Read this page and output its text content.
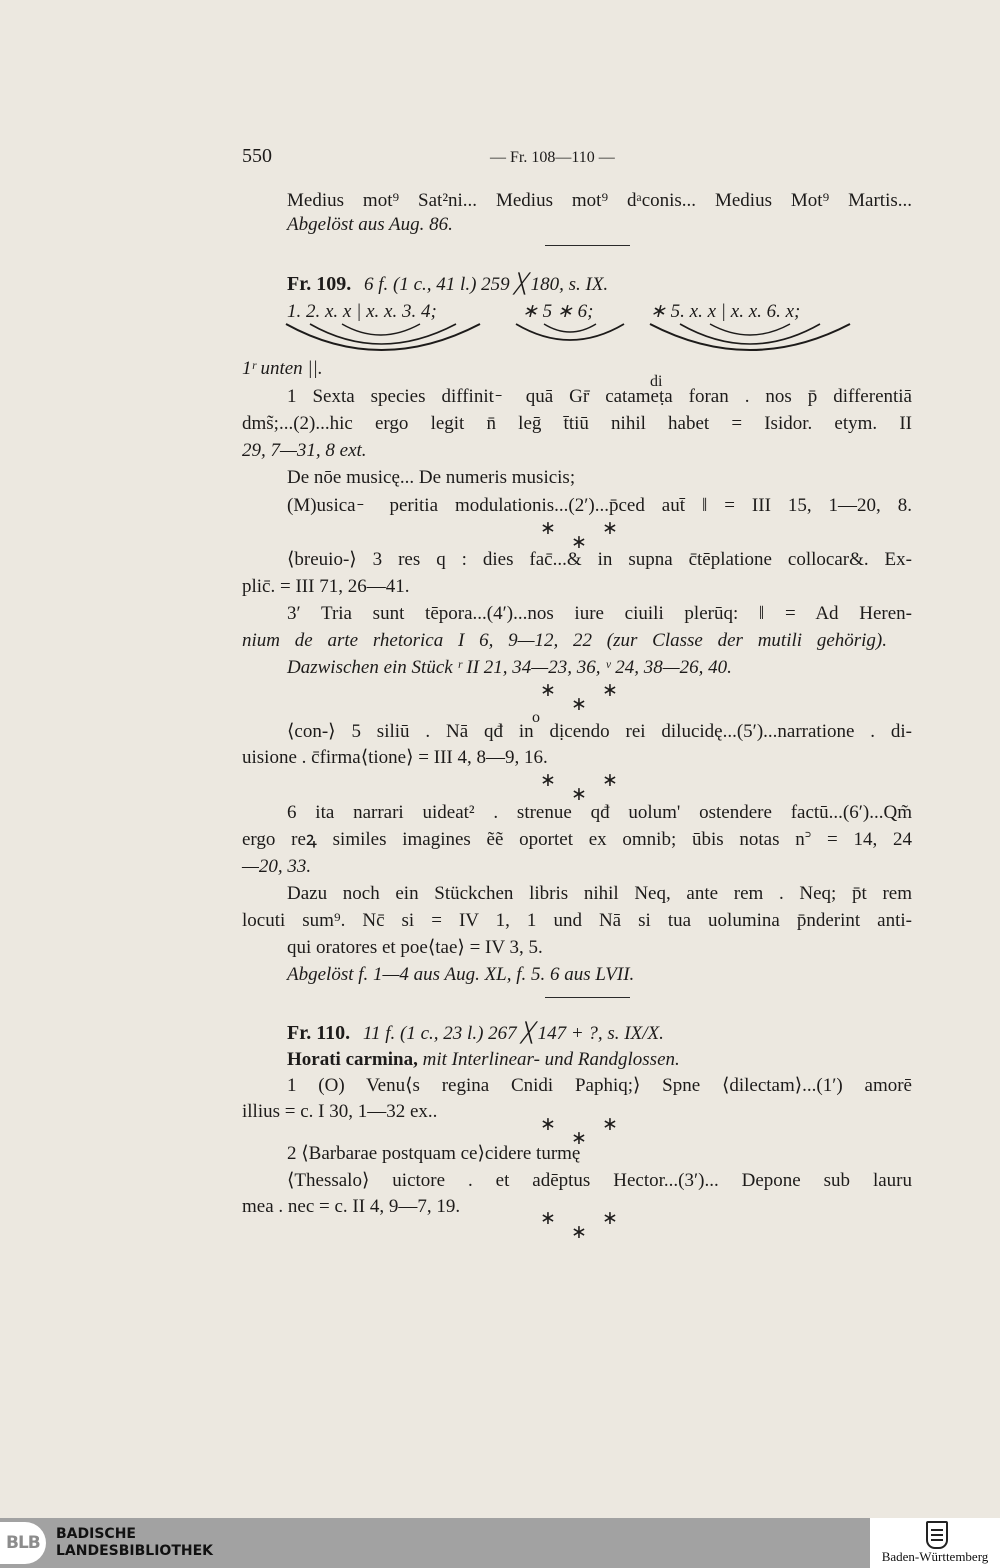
550	— Fr. 108—110 —
Medius mot⁹ Sat²ni... Medius mot⁹ dᵃconis... Medius Mot⁹ Martis...
Abgelöst aus Aug. 86.
Fr. 109. 6 f. (1 c., 41 l.) 259 ╳ 180, s. IX.
1. 2. x. x | x. x. 3. 4;	∗ 5 ∗ 6;	∗ 5. x. x | x. x. 6. x;
1ʳ unten ||.
di
1 Sexta species diffinit ̵ quā Gr̄ catameṭa foran . nos p̄ differentiā
dms̃;...(2)...hic ergo legit n̄ leḡ t̄tiū nihil habet = Isidor. etym. II
29, 7—31, 8 ext.
De nōe musicę... De numeris musicis;
(M)usica ̵ peritia modulationis...(2′)...p̄ced aut̄ ‖ = III 15, 1—20, 8.
∗
∗
∗
⟨breuio-⟩ 3 res q : dies fac̄...& in supna c̄tēplatione collocar&. Ex-
plic̄. = III 71, 26—41.
3′ Tria sunt tēpora...(4′)...nos iure ciuili plerūq: ‖ = Ad Heren-
nium de arte rhetorica I 6, 9—12, 22 (zur Classe der mutili gehörig).
Dazwischen ein Stück ʳ II 21, 34—23, 36, ᵛ 24, 38—26, 40.
∗
∗
∗
o
⟨con-⟩ 5 siliū . Nā qđ in dịcendo rei dilucidę...(5′)...narratione . di-
uisione . c̄firma⟨tione⟩ = III 4, 8—9, 16.
∗
∗
∗
6 ita narrari uideat² . strenue qđ uolum' ostendere factū...(6′)...Qm̃
ergo reꝝ similes imagines ẽẽ oportet ex omnib; ūbis notas n꜄ = 14, 24
—20, 33.
Dazu noch ein Stückchen libris nihil Neq, ante rem . Neq; p̄t rem
locuti sum⁹. Nc̄ si = IV 1, 1 und Nā si tua uolumina p̄nderint anti-
qui oratores et poe⟨tae⟩ = IV 3, 5.
Abgelöst f. 1—4 aus Aug. XL, f. 5. 6 aus LVII.
Fr. 110. 11 f. (1 c., 23 l.) 267 ╳ 147 + ?, s. IX/X.
Horati carmina, mit Interlinear- und Randglossen.
1 (O) Venu⟨s regina Cnidi Paphiq;⟩ Spne ⟨dilectam⟩...(1′) amorē
illius = c. I 30, 1—32 ex..
∗
∗
∗
2 ⟨Barbarae postquam ce⟩cidere turmę
⟨Thessalo⟩ uictore . et adēptus Hector...(3′)... Depone sub lauru
mea . nec = c. II 4, 9—7, 19.
∗
∗
∗
BLB BADISCHE
LANDESBIBLIOTHEK	Baden-Württemberg
